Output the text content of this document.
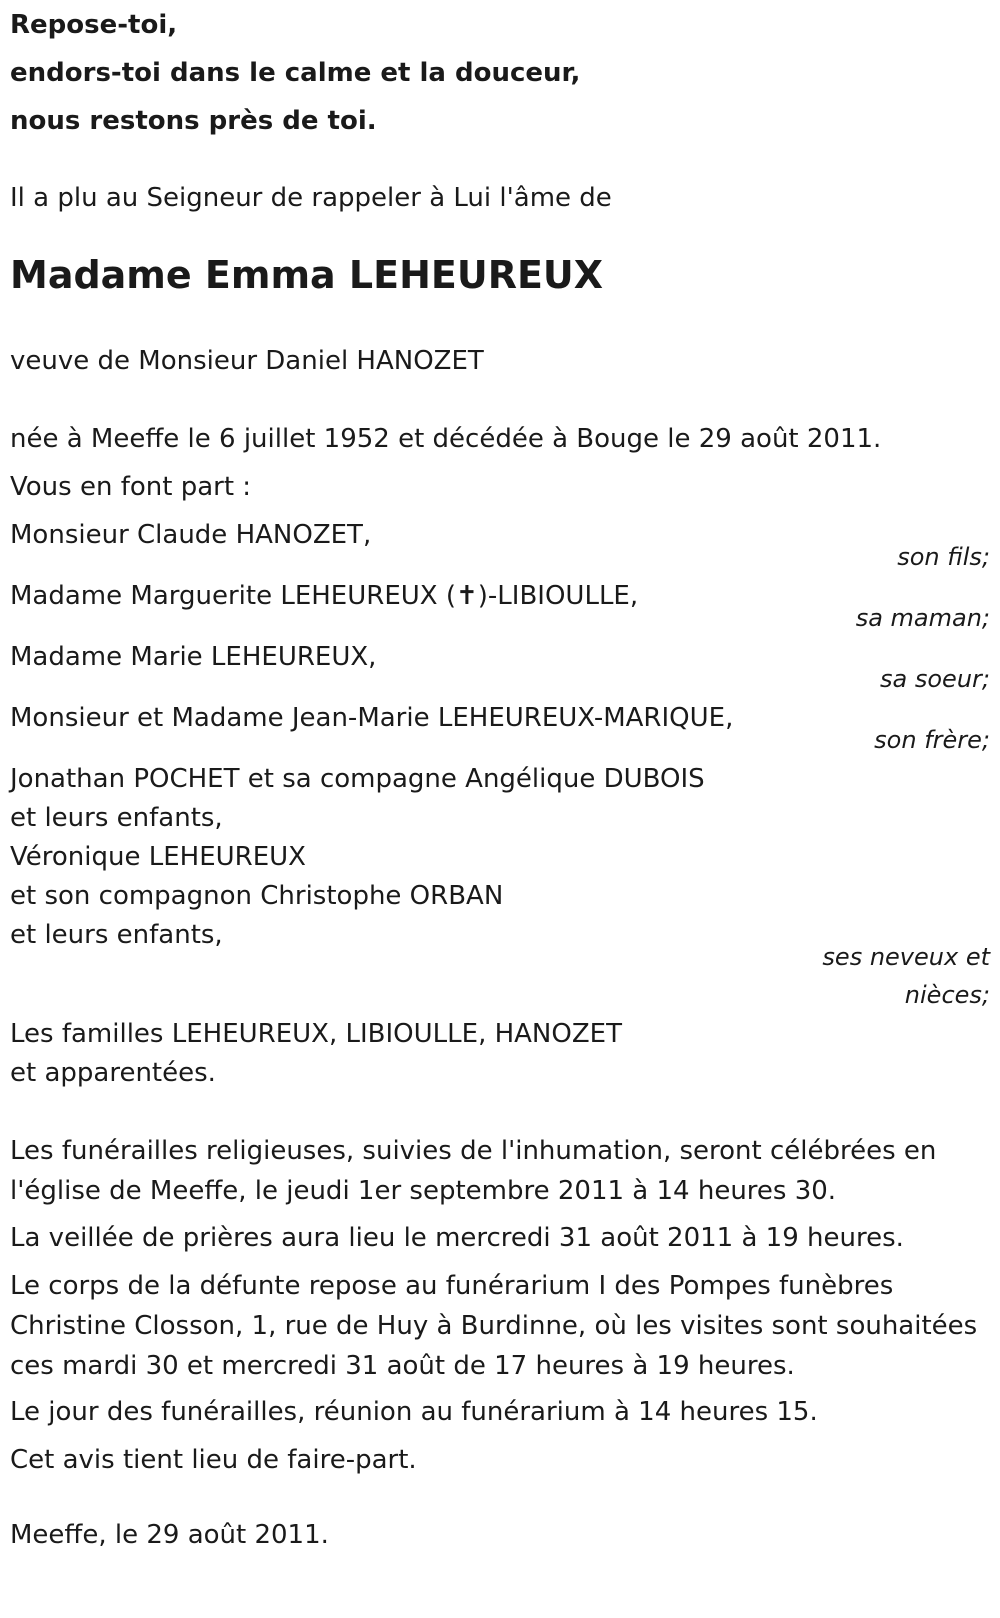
Repose-toi,
endors-toi dans le calme et la douceur,
nous restons près de toi.
Il a plu au Seigneur de rappeler à Lui l'âme de
Madame Emma LEHEUREUX
veuve de Monsieur Daniel HANOZET
née à Meeffe le 6 juillet 1952 et décédée à Bouge le 29 août 2011.
Vous en font part :
Monsieur Claude HANOZET,
son fils;
Madame Marguerite LEHEUREUX (✝)-LIBIOULLE,
sa maman;
Madame Marie LEHEUREUX,
sa soeur;
Monsieur et Madame Jean-Marie LEHEUREUX-MARIQUE,
son frère;
Jonathan POCHET et sa compagne Angélique DUBOIS
et leurs enfants,
Véronique LEHEUREUX
et son compagnon Christophe ORBAN
et leurs enfants,
ses neveux et
nièces;
Les familles LEHEUREUX, LIBIOULLE, HANOZET
et apparentées.
Les funérailles religieuses, suivies de l'inhumation, seront célébrées en l'église de Meeffe, le jeudi 1er septembre 2011 à 14 heures 30.
La veillée de prières aura lieu le mercredi 31 août 2011 à 19 heures.
Le corps de la défunte repose au funérarium I des Pompes funèbres Christine Closson, 1, rue de Huy à Burdinne, où les visites sont souhaitées ces mardi 30 et mercredi 31 août de 17 heures à 19 heures.
Le jour des funérailles, réunion au funérarium à 14 heures 15.
Cet avis tient lieu de faire-part.
Meeffe, le 29 août 2011.
